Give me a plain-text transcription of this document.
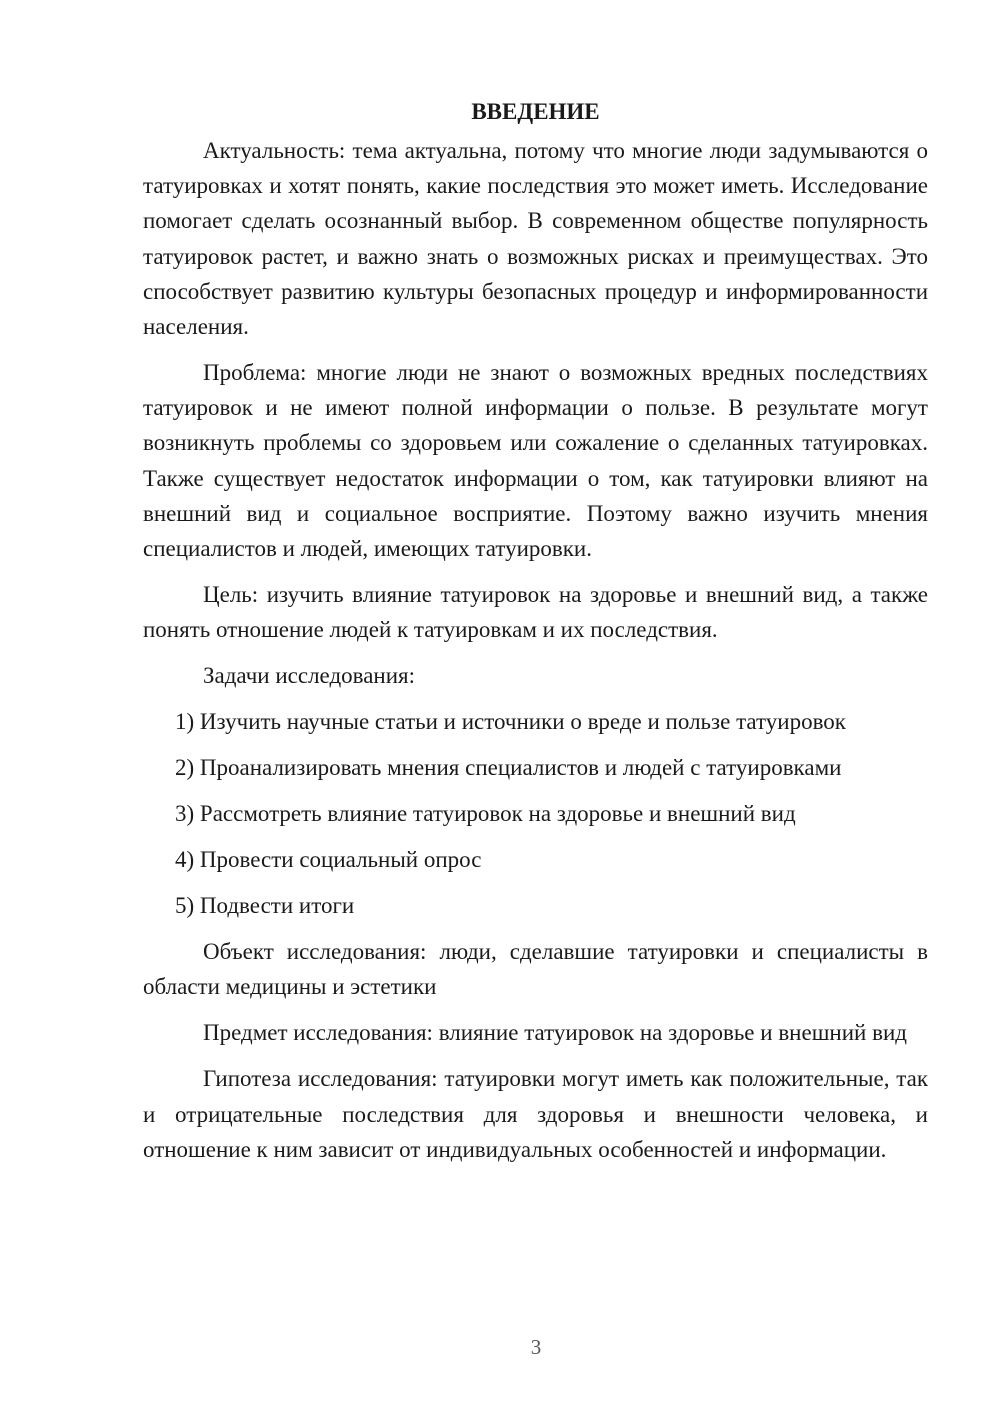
ВВЕДЕНИЕ

Актуальность: тема актуальна, потому что многие люди задумываются о татуировках и хотят понять, какие последствия это может иметь. Исследование помогает сделать осознанный выбор. В современном обществе популярность татуировок растет, и важно знать о возможных рисках и преимуществах. Это способствует развитию культуры безопасных процедур и информированности населения.

Проблема: многие люди не знают о возможных вредных последствиях татуировок и не имеют полной информации о пользе. В результате могут возникнуть проблемы со здоровьем или сожаление о сделанных татуировках. Также существует недостаток информации о том, как татуировки влияют на внешний вид и социальное восприятие. Поэтому важно изучить мнения специалистов и людей, имеющих татуировки.

Цель: изучить влияние татуировок на здоровье и внешний вид, а также понять отношение людей к татуировкам и их последствия.

Задачи исследования:

1) Изучить научные статьи и источники о вреде и пользе татуировок
2) Проанализировать мнения специалистов и людей с татуировками
3) Рассмотреть влияние татуировок на здоровье и внешний вид
4) Провести социальный опрос
5) Подвести итоги

Объект исследования: люди, сделавшие татуировки и специалисты в области медицины и эстетики

Предмет исследования: влияние татуировок на здоровье и внешний вид

Гипотеза исследования: татуировки могут иметь как положительные, так и отрицательные последствия для здоровья и внешности человека, и отношение к ним зависит от индивидуальных особенностей и информации.

3
